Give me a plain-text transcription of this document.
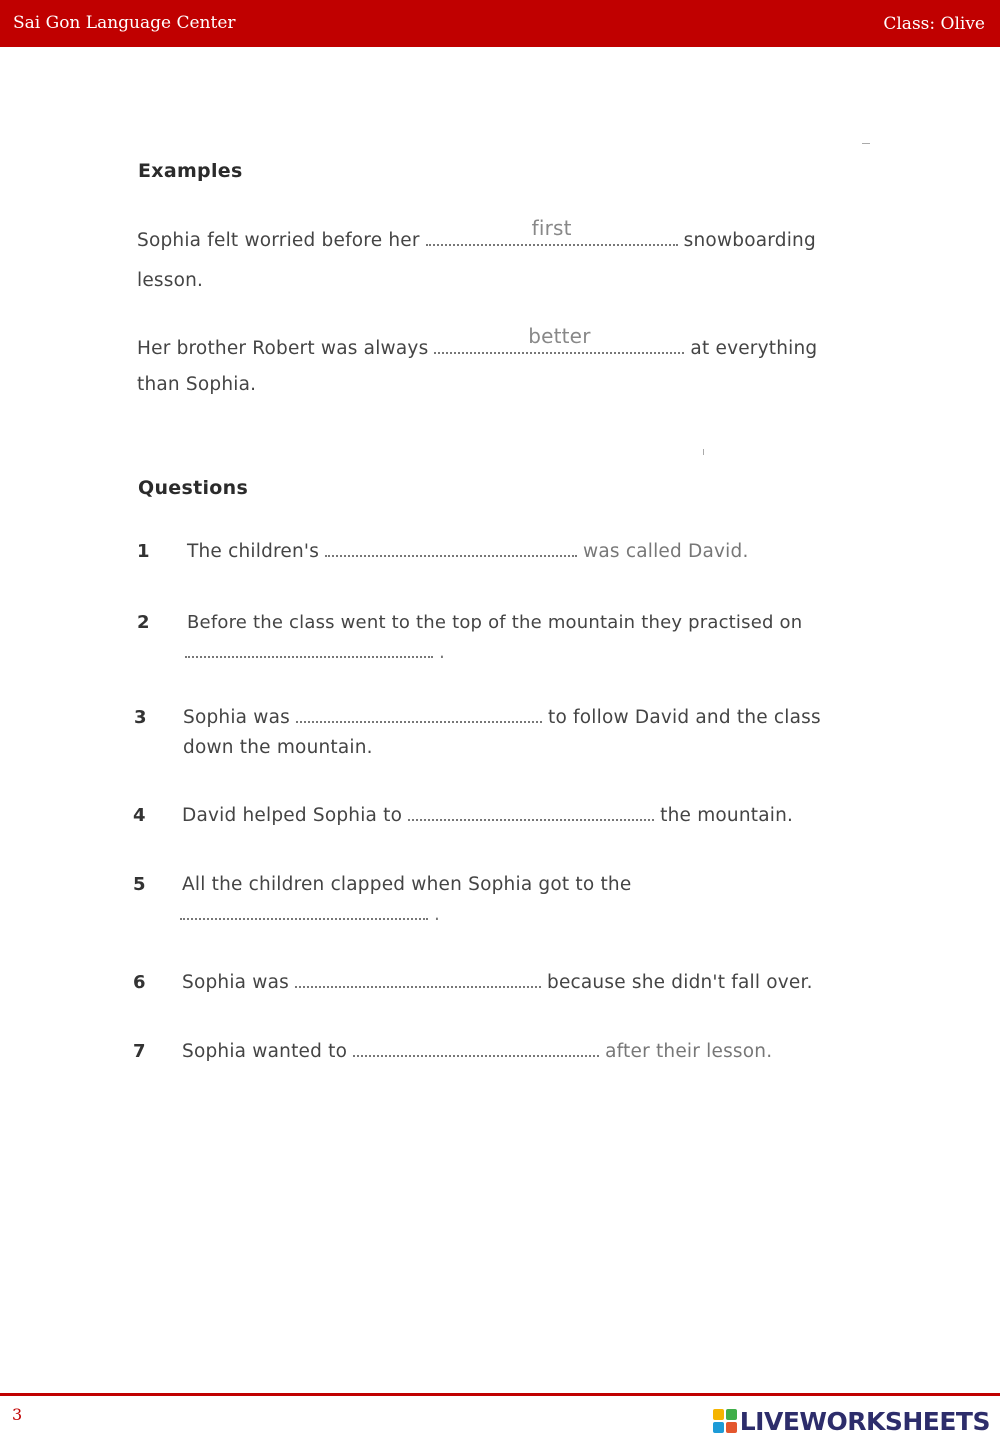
Sai Gon Language Center	Class: Olive
Examples
Sophia felt worried before her
first
snowboarding
lesson.
Her brother Robert was always
better
at everything
than Sophia.
Questions
1 The children's	was called David.
2 Before the class went to the top of the mountain they practised on
.
3 Sophia was	to follow David and the class
down the mountain.
4 David helped Sophia to	the mountain.
5 All the children clapped when Sophia got to the
.
6 Sophia was	because she didn't fall over.
7 Sophia wanted to	after their lesson.
3	LIVEWORKSHEETS
